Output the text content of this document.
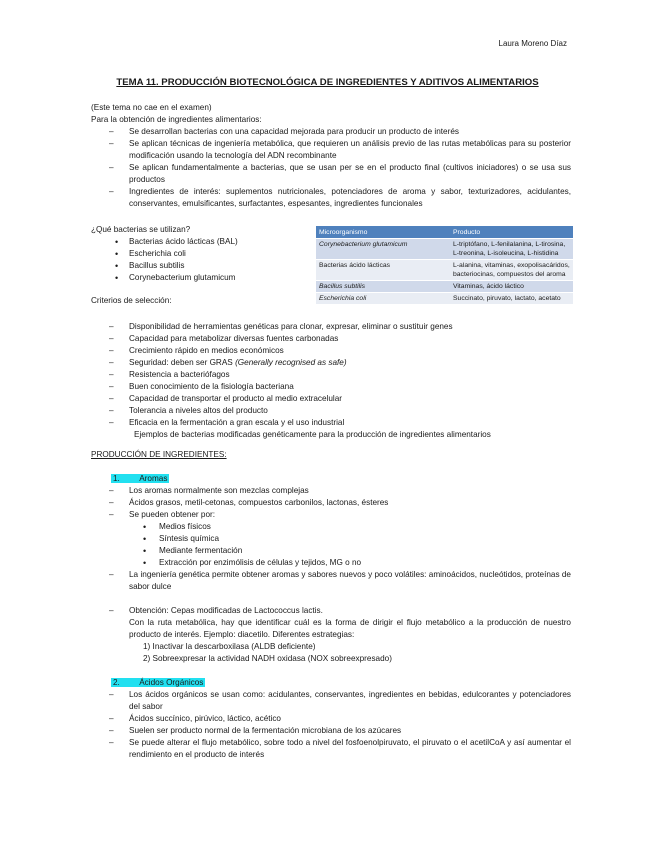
Laura Moreno Díaz
TEMA 11. PRODUCCIÓN BIOTECNOLÓGICA DE INGREDIENTES Y ADITIVOS ALIMENTARIOS
(Este tema no cae en el examen)
Para la obtención de ingredientes alimentarios:
– Se desarrollan bacterias con una capacidad mejorada para producir un producto de interés
– Se aplican técnicas de ingeniería metabólica, que requieren un análisis previo de las rutas metabólicas para su posterior modificación usando la tecnología del ADN recombinante
– Se aplican fundamentalmente a bacterias, que se usan per se en el producto final (cultivos iniciadores) o se usa sus productos
– Ingredientes de interés: suplementos nutricionales, potenciadores de aroma y sabor, texturizadores, acidulantes, conservantes, emulsificantes, surfactantes, espesantes, ingredientes funcionales
¿Qué bacterias se utilizan?
• Bacterias ácido lácticas (BAL)
• Escherichia coli
• Bacillus subtilis
• Corynebacterium glutamicum
Microorganismo	Producto
Corynebacterium glutamicum	L-triptófano, L-fenilalanina, L-tirosina, L-treonina, L-isoleucina, L-histidina
Bacterias ácido lácticas	L-alanina, vitaminas, exopolisacáridos, bacteriocinas, compuestos del aroma
Bacillus subtilis	Vitaminas, ácido láctico
Escherichia coli	Succinato, piruvato, lactato, acetato
Criterios de selección:
– Disponibilidad de herramientas genéticas para clonar, expresar, eliminar o sustituir genes
– Capacidad para metabolizar diversas fuentes carbonadas
– Crecimiento rápido en medios económicos
– Seguridad: deben ser GRAS (Generally recognised as safe)
– Resistencia a bacteriófagos
– Buen conocimiento de la fisiología bacteriana
– Capacidad de transportar el producto al medio extracelular
– Tolerancia a niveles altos del producto
– Eficacia en la fermentación a gran escala y el uso industrial
Ejemplos de bacterias modificadas genéticamente para la producción de ingredientes alimentarios
PRODUCCIÓN DE INGREDIENTES:
1. Aromas
– Los aromas normalmente son mezclas complejas
– Ácidos grasos, metil-cetonas, compuestos carbonilos, lactonas, ésteres
– Se pueden obtener por:
• Medios físicos
• Síntesis química
• Mediante fermentación
• Extracción por enzimólisis de células y tejidos, MG o no
– La ingeniería genética permite obtener aromas y sabores nuevos y poco volátiles: aminoácidos, nucleótidos, proteínas de sabor dulce
– Obtención: Cepas modificadas de Lactococcus lactis.
Con la ruta metabólica, hay que identificar cuál es la forma de dirigir el flujo metabólico a la producción de nuestro producto de interés. Ejemplo: diacetilo. Diferentes estrategias:
1) Inactivar la descarboxilasa (ALDB deficiente)
2) Sobreexpresar la actividad NADH oxidasa (NOX sobreexpresado)
2. Ácidos Orgánicos
– Los ácidos orgánicos se usan como: acidulantes, conservantes, ingredientes en bebidas, edulcorantes y potenciadores del sabor
– Ácidos succínico, pirúvico, láctico, acético
– Suelen ser producto normal de la fermentación microbiana de los azúcares
– Se puede alterar el flujo metabólico, sobre todo a nivel del fosfoenolpiruvato, el piruvato o el acetilCoA y así aumentar el rendimiento en el producto de interés
